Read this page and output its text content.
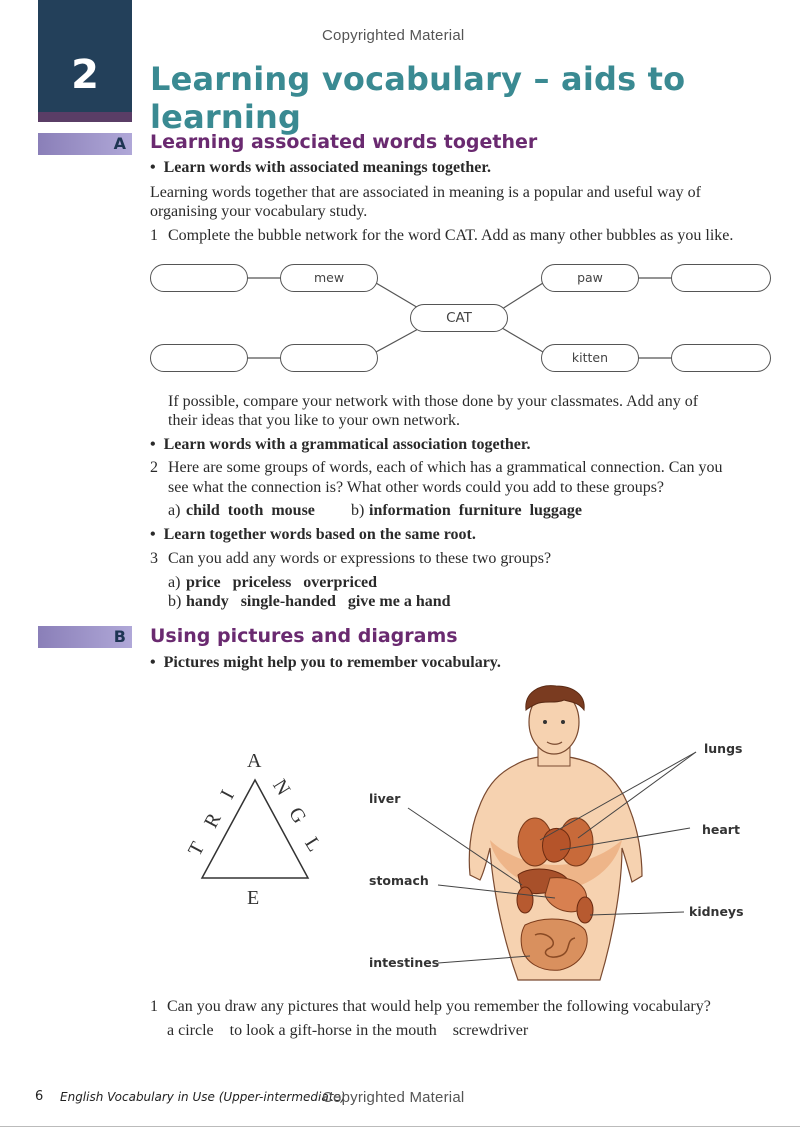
2
Copyrighted Material
Learning vocabulary – aids to learning
A	Learning associated words together
•  Learn words with associated meanings together.
Learning words together that are associated in meaning is a popular and useful way of
organising your vocabulary study.
1 Complete the bubble network for the word CAT. Add as many other bubbles as you like.
mew	paw
CAT
kitten
If possible, compare your network with those done by your classmates. Add any of
their ideas that you like to your own network.
•  Learn words with a grammatical association together.
2 Here are some groups of words, each of which has a grammatical connection. Can you
see what the connection is? What other words could you add to these groups?
a) child  tooth  mouse b) information  furniture  luggage
•  Learn together words based on the same root.
3 Can you add any words or expressions to these two groups?
a) price   priceless   overpriced
b) handy   single-handed   give me a hand
B	Using pictures and diagrams
•  Pictures might help you to remember vocabulary.
A
N
G
L
E
T
R
I
lungs
liver
heart
stomach
kidneys
intestines
1 Can you draw any pictures that would help you remember the following vocabulary?
a circle    to look a gift-horse in the mouth    screwdriver
6 English Vocabulary in Use (Upper-intermediate)
Copyrighted Material
